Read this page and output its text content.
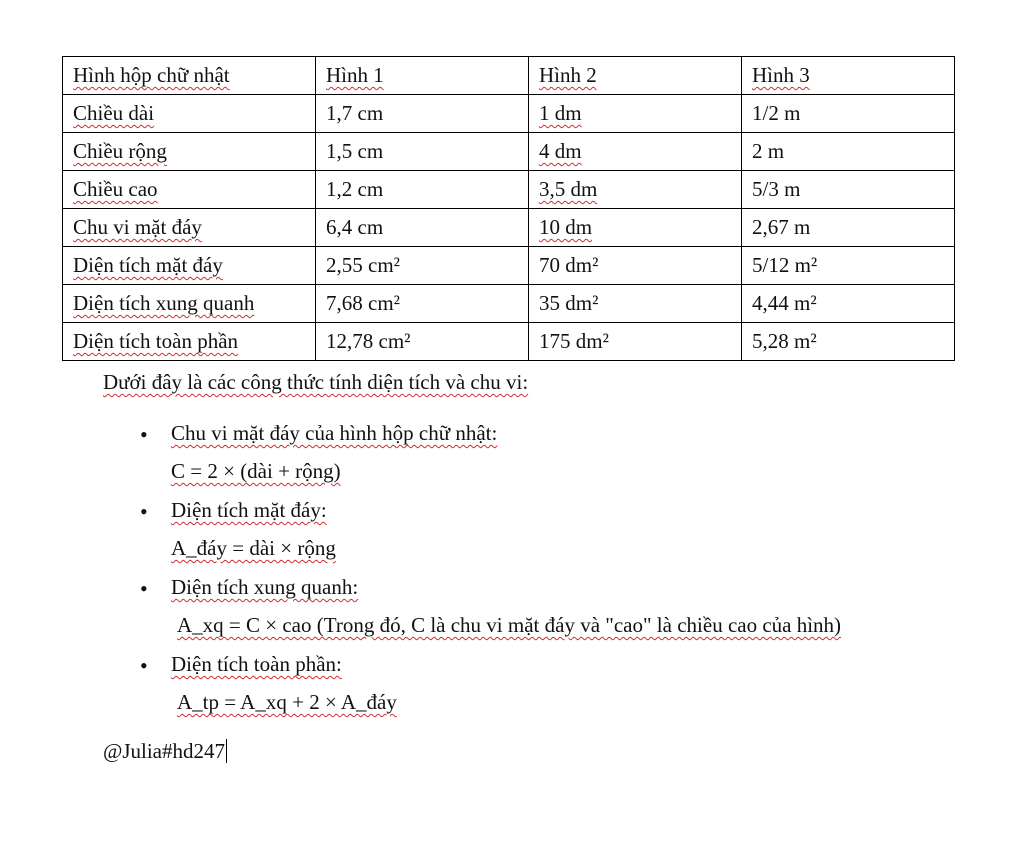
Hình hộp chữ nhật	Hình 1	Hình 2	Hình 3
Chiều dài	1,7 cm	1 dm	1/2 m
Chiều rộng	1,5 cm	4 dm	2 m
Chiều cao	1,2 cm	3,5 dm	5/3 m
Chu vi mặt đáy	6,4 cm	10 dm	2,67 m
Diện tích mặt đáy	2,55 cm²	70 dm²	5/12 m²
Diện tích xung quanh	7,68 cm²	35 dm²	4,44 m²
Diện tích toàn phần	12,78 cm²	175 dm²	5,28 m²
Dưới đây là các công thức tính diện tích và chu vi:
• Chu vi mặt đáy của hình hộp chữ nhật:
C = 2 × (dài + rộng)
• Diện tích mặt đáy:
A_đáy = dài × rộng
• Diện tích xung quanh:
A_xq = C × cao (Trong đó, C là chu vi mặt đáy và "cao" là chiều cao của hình)
• Diện tích toàn phần:
A_tp = A_xq + 2 × A_đáy
@Julia#hd247
